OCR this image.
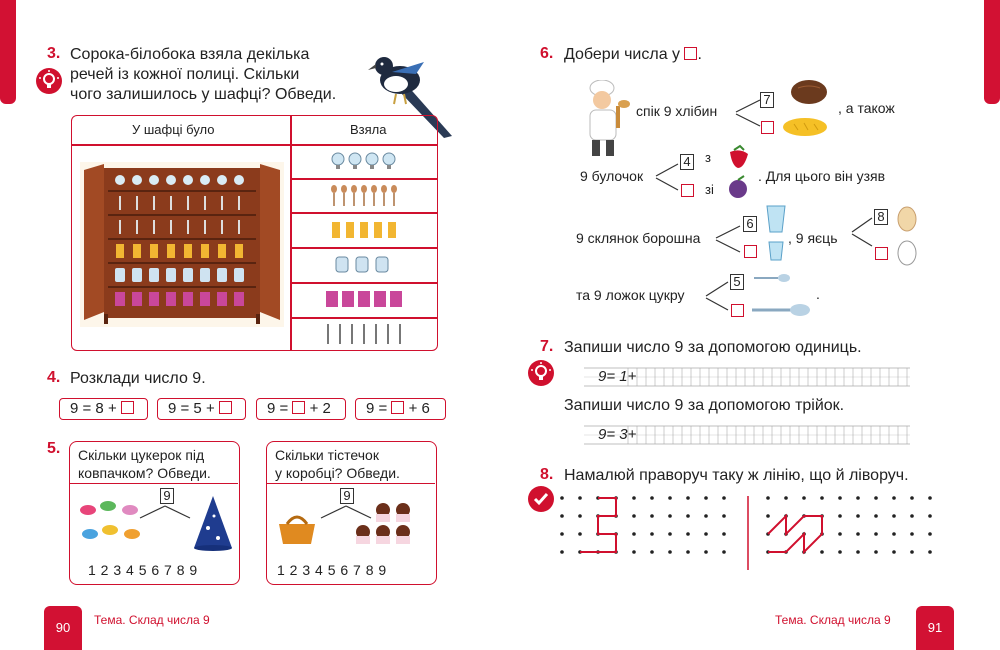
3. Сорока-білобока взяла декілька
речей із кожної полиці. Скільки
чого залишилось у шафці? Обведи.
У шафці було	Взяла
4. Розклади число 9.
9 = 8 +	9 = 5 +	9 =  + 2	9 =  + 6
5. Скільки цукерок під
ковпачком? Обведи.
9
1 2 3 4 5 6 7 8 9
Скільки тістечок
у коробці? Обведи.
9
1 2 3 4 5 6 7 8 9
90	Тема. Склад числа 9
6. Добери числа у .
спік 9 хлібин
7
, а також
9 булочок
4 з
зі
. Для цього він узяв
9 склянок борошна
6
, 9 яєць
8
та 9 ложок цукру
5
.
7. Запиши число 9 за допомогою одиниць.
9= 1+
Запиши число 9 за допомогою трійок.
9= 3+
8. Намалюй праворуч таку ж лінію, що й ліворуч.
Тема. Склад числа 9	91
